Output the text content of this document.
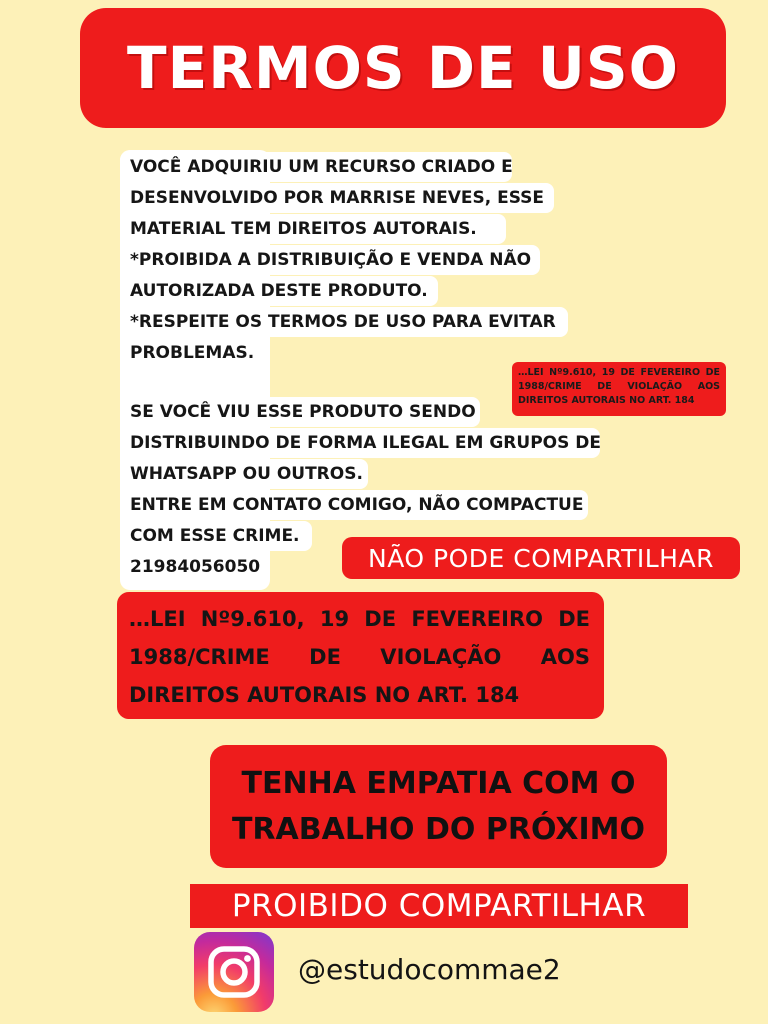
TERMOS DE USO
VOCÊ ADQUIRIU UM RECURSO CRIADO E
DESENVOLVIDO POR MARRISE NEVES, ESSE
MATERIAL TEM DIREITOS AUTORAIS.
*PROIBIDA A DISTRIBUIÇÃO E VENDA NÃO
AUTORIZADA DESTE PRODUTO.
*RESPEITE OS TERMOS DE USO PARA EVITAR
PROBLEMAS.
…LEI Nº9.610, 19 DE FEVEREIRO DE 1988/CRIME DE VIOLAÇÃO AOS DIREITOS AUTORAIS NO ART. 184
SE VOCÊ VIU ESSE PRODUTO SENDO
DISTRIBUINDO DE FORMA ILEGAL EM GRUPOS DE
WHATSAPP OU OUTROS.
ENTRE EM CONTATO COMIGO, NÃO COMPACTUE
COM ESSE CRIME.
21984056050	NÃO PODE COMPARTILHAR
…LEI Nº9.610, 19 DE FEVEREIRO DE
1988/CRIME DE VIOLAÇÃO AOS
DIREITOS AUTORAIS NO ART. 184
TENHA EMPATIA COM O
TRABALHO DO PRÓXIMO
PROIBIDO COMPARTILHAR
@estudocommae2
